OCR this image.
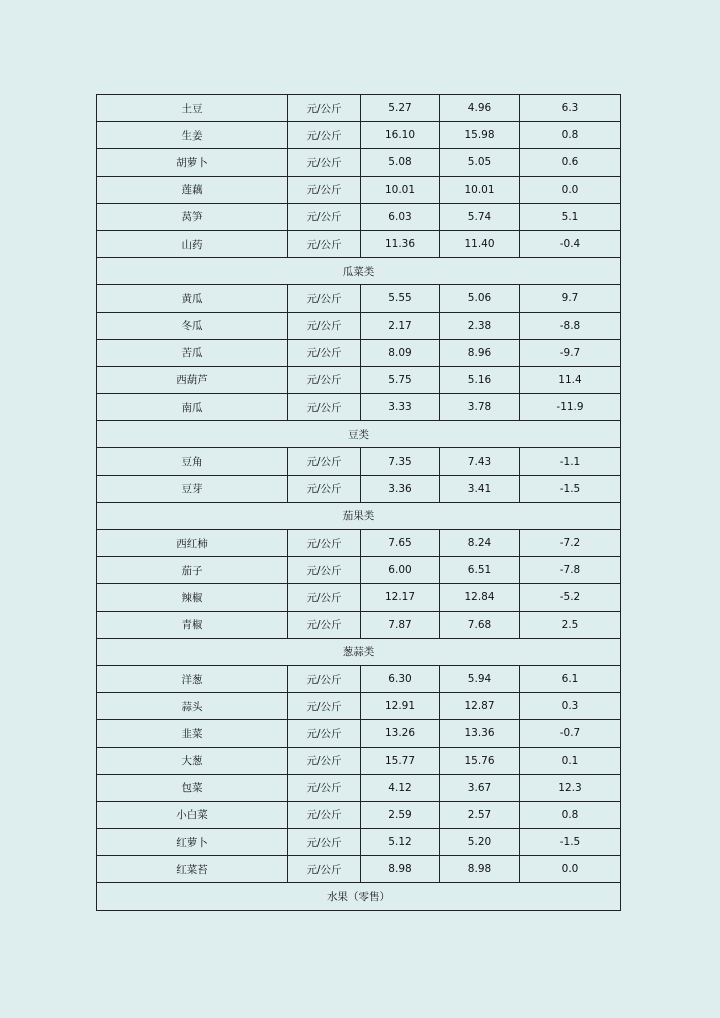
土豆	元/公斤	5.27	4.96	6.3
生姜	元/公斤	16.10	15.98	0.8
胡萝卜	元/公斤	5.08	5.05	0.6
莲藕	元/公斤	10.01	10.01	0.0
莴笋	元/公斤	6.03	5.74	5.1
山药	元/公斤	11.36	11.40	-0.4
瓜菜类				
黄瓜	元/公斤	5.55	5.06	9.7
冬瓜	元/公斤	2.17	2.38	-8.8
苦瓜	元/公斤	8.09	8.96	-9.7
西葫芦	元/公斤	5.75	5.16	11.4
南瓜	元/公斤	3.33	3.78	-11.9
豆类				
豆角	元/公斤	7.35	7.43	-1.1
豆芽	元/公斤	3.36	3.41	-1.5
茄果类				
西红柿	元/公斤	7.65	8.24	-7.2
茄子	元/公斤	6.00	6.51	-7.8
辣椒	元/公斤	12.17	12.84	-5.2
青椒	元/公斤	7.87	7.68	2.5
葱蒜类				
洋葱	元/公斤	6.30	5.94	6.1
蒜头	元/公斤	12.91	12.87	0.3
韭菜	元/公斤	13.26	13.36	-0.7
大葱	元/公斤	15.77	15.76	0.1
包菜	元/公斤	4.12	3.67	12.3
小白菜	元/公斤	2.59	2.57	0.8
红萝卜	元/公斤	5.12	5.20	-1.5
红菜苔	元/公斤	8.98	8.98	0.0
水果（零售）				
